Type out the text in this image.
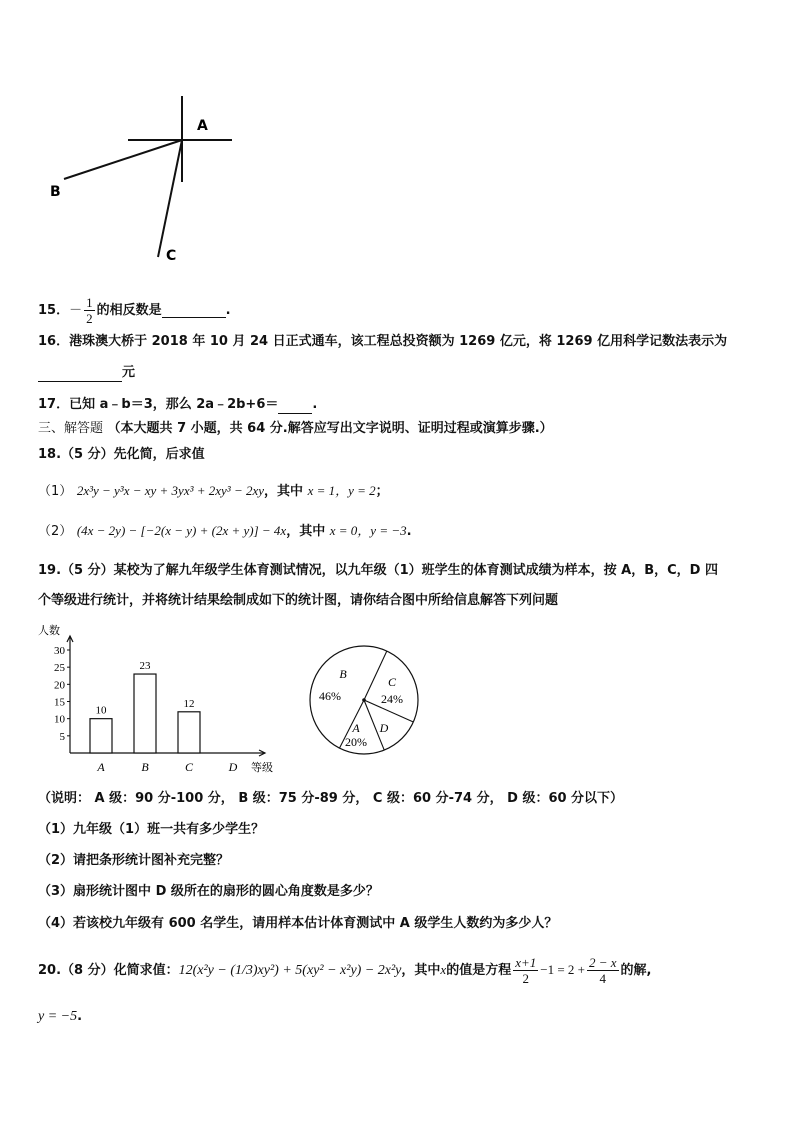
A
B
C
15．－ $\frac{1}{2}$ 的相反数是	.
16．港珠澳大桥于 2018 年 10 月 24 日正式通车，该工程总投资额为 1269 亿元，将 1269 亿用科学记数法表示为
元
17．已知 a﹣b＝3，那么 2a﹣2b+6＝	.
三、解答题 （本大题共 7 小题，共 64 分.解答应写出文字说明、证明过程或演算步骤.）
18.（5 分）先化简，后求值
（1） 2x³y − y³x − xy + 3yx³ + 2xy³ − 2xy，其中 x = 1，y = 2；
（2） (4x − 2y) − [−2(x − y) + (2x + y)] − 4x，其中 x = 0，y = −3.
19.（5 分）某校为了解九年级学生体育测试情况，以九年级（1）班学生的体育测试成绩为样本，按 A，B，C，D 四
个等级进行统计，并将统计结果绘制成如下的统计图，请你结合图中所给信息解答下列问题
人数
等级
5
10
15
20
25
30
10
A
23
B
12
C	D
B
46%
C
24%
A
20%
D
（说明： A 级：90 分-100 分， B 级：75 分-89 分， C 级：60 分-74 分， D 级：60 分以下）
（1）九年级（1）班一共有多少学生？
（2）请把条形统计图补充完整？
（3）扇形统计图中 D 级所在的扇形的圆心角度数是多少？
（4）若该校九年级有 600 名学生，请用样本估计体育测试中 A 级学生人数约为多少人？
20.（8 分）化简求值：12(x²y − (1/3)xy²) + 5(xy² − x²y) − 2x²y，其中x的值是方程 $\frac{x+1}{2} -1 = 2 + \frac{2 - x}{4}$ 的解,
y = −5.
